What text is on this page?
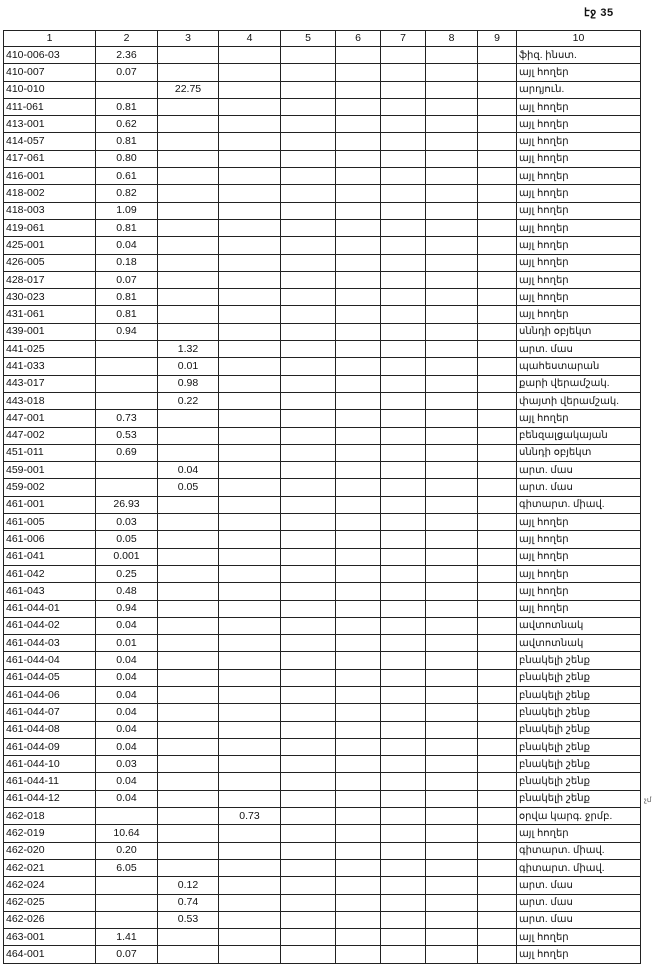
էջ 35
չմ
1	2	3	4	5	6	7	8	9	10
410-006-03	2.36								ֆիզ. ինստ.
410-007	0.07								այլ հողեր
410-010		22.75							արդյուն.
411-061	0.81								այլ հողեր
413-001	0.62								այլ հողեր
414-057	0.81								այլ հողեր
417-061	0.80								այլ հողեր
416-001	0.61								այլ հողեր
418-002	0.82								այլ հողեր
418-003	1.09								այլ հողեր
419-061	0.81								այլ հողեր
425-001	0.04								այլ հողեր
426-005	0.18								այլ հողեր
428-017	0.07								այլ հողեր
430-023	0.81								այլ հողեր
431-061	0.81								այլ հողեր
439-001	0.94								սննդի օբյեկտ
441-025		1.32							արտ. մաս
441-033		0.01							պահեստարան
443-017		0.98							քարի վերամշակ.
443-018		0.22							փայտի վերամշակ.
447-001	0.73								այլ հողեր
447-002	0.53								բենզալցակայան
451-011	0.69								սննդի օբյեկտ
459-001		0.04							արտ. մաս
459-002		0.05							արտ. մաս
461-001	26.93								գիտարտ. միավ.
461-005	0.03								այլ հողեր
461-006	0.05								այլ հողեր
461-041	0.001								այլ հողեր
461-042	0.25								այլ հողեր
461-043	0.48								այլ հողեր
461-044-01	0.94								այլ հողեր
461-044-02	0.04								ավտոտնակ
461-044-03	0.01								ավտոտնակ
461-044-04	0.04								բնակելի շենք
461-044-05	0.04								բնակելի շենք
461-044-06	0.04								բնակելի շենք
461-044-07	0.04								բնակելի շենք
461-044-08	0.04								բնակելի շենք
461-044-09	0.04								բնակելի շենք
461-044-10	0.03								բնակելի շենք
461-044-11	0.04								բնակելի շենք
461-044-12	0.04								բնակելի շենք
462-018			0.73						օրվա կարգ. ջրմբ.
462-019	10.64								այլ հողեր
462-020	0.20								գիտարտ. միավ.
462-021	6.05								գիտարտ. միավ.
462-024		0.12							արտ. մաս
462-025		0.74							արտ. մաս
462-026		0.53							արտ. մաս
463-001	1.41								այլ հողեր
464-001	0.07								այլ հողեր
